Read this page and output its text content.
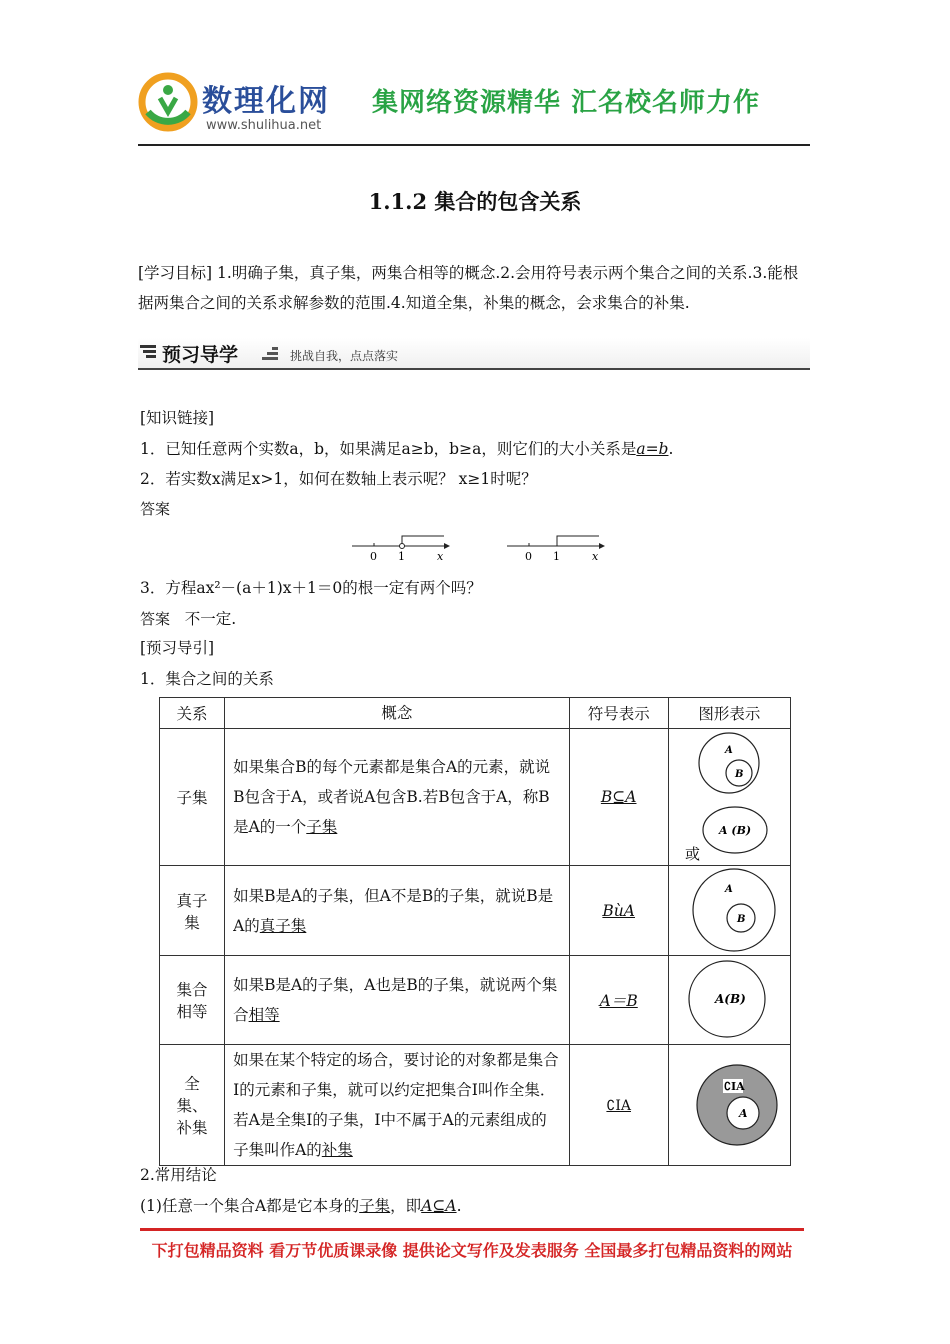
数理化网
www.shulihua.net
集网络资源精华 汇名校名师力作
1.1.2 集合的包含关系
[学习目标] 1.明确子集，真子集，两集合相等的概念.2.会用符号表示两个集合之间的关系.3.能根据两集合之间的关系求解参数的范围.4.知道全集，补集的概念，会求集合的补集.
预习导学	挑战自我，点点落实
[知识链接]
1．已知任意两个实数a，b，如果满足a≥b，b≥a，则它们的大小关系是a=b.
2．若实数x满足x>1，如何在数轴上表示呢？ x≥1时呢？
答案
0 1	x	0 1	x
3．方程ax²－(a＋1)x＋1＝0的根一定有两个吗？
答案 不一定.
[预习导引]
1．集合之间的关系
关系	概念	符号表示	图形表示
子集	如果集合B的每个元素都是集合A的元素，就说B包含于A，或者说A包含B.若B包含于A，称B是A的一个子集	B⊆A	A
B
A (B)
或

真子集	如果B是A的子集，但A不是B的子集，就说B是A的真子集	BùA	A
B

集合相等	如果B是A的子集，A也是B的子集，就说两个集合相等	A＝B	A(B)

全集、补集	如果在某个特定的场合，要讨论的对象都是集合I的元素和子集，就可以约定把集合I叫作全集．若A是全集I的子集，I中不属于A的元素组成的子集叫作A的补集	∁IA	∁IA
A
2.常用结论
(1)任意一个集合A都是它本身的子集，即A⊆A.
下打包精品资料 看万节优质课录像 提供论文写作及发表服务 全国最多打包精品资料的网站
